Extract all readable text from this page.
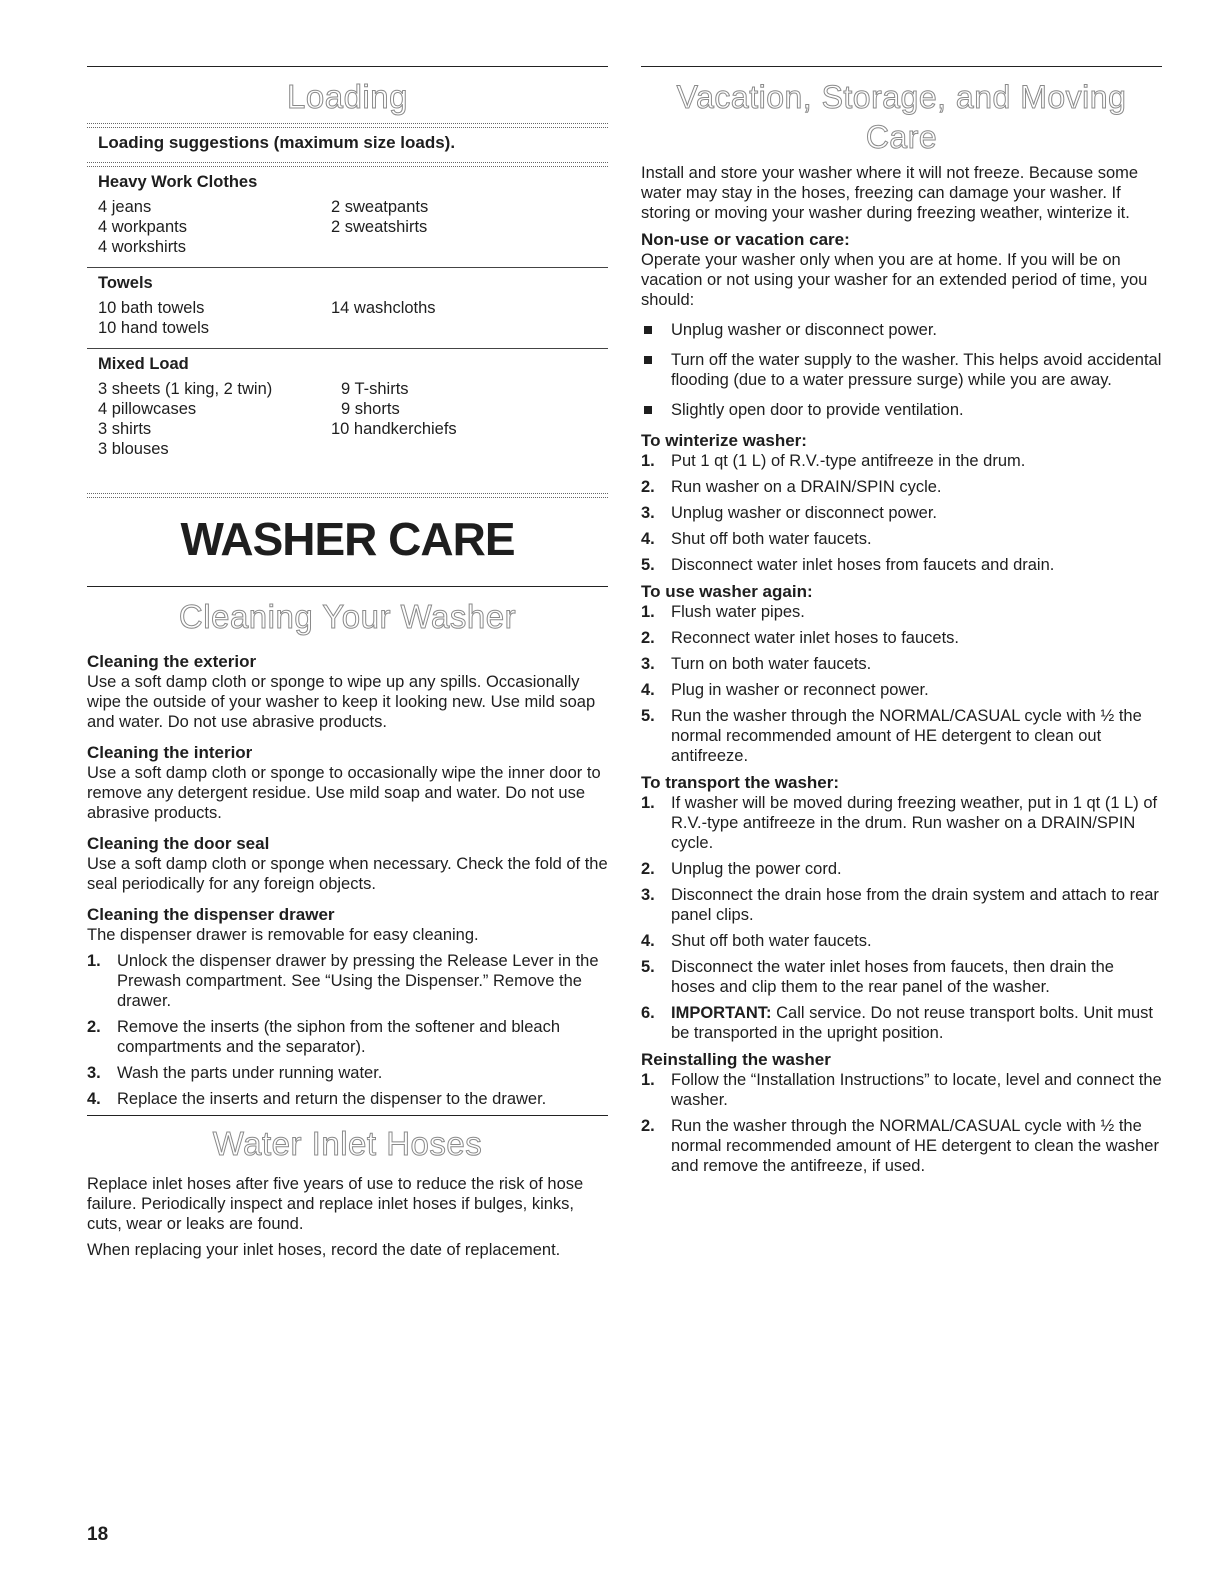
Loading
Loading suggestions (maximum size loads).
Heavy Work Clothes
4 jeans	2 sweatpants
4 workpants	2 sweatshirts
4 workshirts
Towels
10 bath towels	14 washcloths
10 hand towels
Mixed Load
3 sheets (1 king, 2 twin)	9 T-shirts
4 pillowcases	9 shorts
3 shirts	10 handkerchiefs
3 blouses
WASHER CARE
Cleaning Your Washer
Cleaning the exterior

Use a soft damp cloth or sponge to wipe up any spills. Occasionally wipe the outside of your washer to keep it looking new. Use mild soap and water. Do not use abrasive products.

Cleaning the interior

Use a soft damp cloth or sponge to occasionally wipe the inner door to remove any detergent residue. Use mild soap and water. Do not use abrasive products.

Cleaning the door seal

Use a soft damp cloth or sponge when necessary. Check the fold of the seal periodically for any foreign objects.

Cleaning the dispenser drawer

The dispenser drawer is removable for easy cleaning.

1. Unlock the dispenser drawer by pressing the Release Lever in the Prewash compartment. See “Using the Dispenser.” Remove the drawer.
2. Remove the inserts (the siphon from the softener and bleach compartments and the separator).
3. Wash the parts under running water.
4. Replace the inserts and return the dispenser to the drawer.
Water Inlet Hoses

Replace inlet hoses after five years of use to reduce the risk of hose failure. Periodically inspect and replace inlet hoses if bulges, kinks, cuts, wear or leaks are found.

When replacing your inlet hoses, record the date of replacement.

Vacation, Storage, and Moving Care

Install and store your washer where it will not freeze. Because some water may stay in the hoses, freezing can damage your washer. If storing or moving your washer during freezing weather, winterize it.

Non-use or vacation care:

Operate your washer only when you are at home. If you will be on vacation or not using your washer for an extended period of time, you should:

Unplug washer or disconnect power.
Turn off the water supply to the washer. This helps avoid accidental flooding (due to a water pressure surge) while you are away.
Slightly open door to provide ventilation.
To winterize washer:
1. Put 1 qt (1 L) of R.V.-type antifreeze in the drum.
2. Run washer on a DRAIN/SPIN cycle.
3. Unplug washer or disconnect power.
4. Shut off both water faucets.
5. Disconnect water inlet hoses from faucets and drain.
To use washer again:
1. Flush water pipes.
2. Reconnect water inlet hoses to faucets.
3. Turn on both water faucets.
4. Plug in washer or reconnect power.
5. Run the washer through the NORMAL/CASUAL cycle with ½ the normal recommended amount of HE detergent to clean out antifreeze.
To transport the washer:
1. If washer will be moved during freezing weather, put in 1 qt (1 L) of R.V.-type antifreeze in the drum. Run washer on a DRAIN/SPIN cycle.
2. Unplug the power cord.
3. Disconnect the drain hose from the drain system and attach to rear panel clips.
4. Shut off both water faucets.
5. Disconnect the water inlet hoses from faucets, then drain the hoses and clip them to the rear panel of the washer.
6. IMPORTANT: Call service. Do not reuse transport bolts. Unit must be transported in the upright position.
Reinstalling the washer
1. Follow the “Installation Instructions” to locate, level and connect the washer.
2. Run the washer through the NORMAL/CASUAL cycle with ½ the normal recommended amount of HE detergent to clean the washer and remove the antifreeze, if used.
18
